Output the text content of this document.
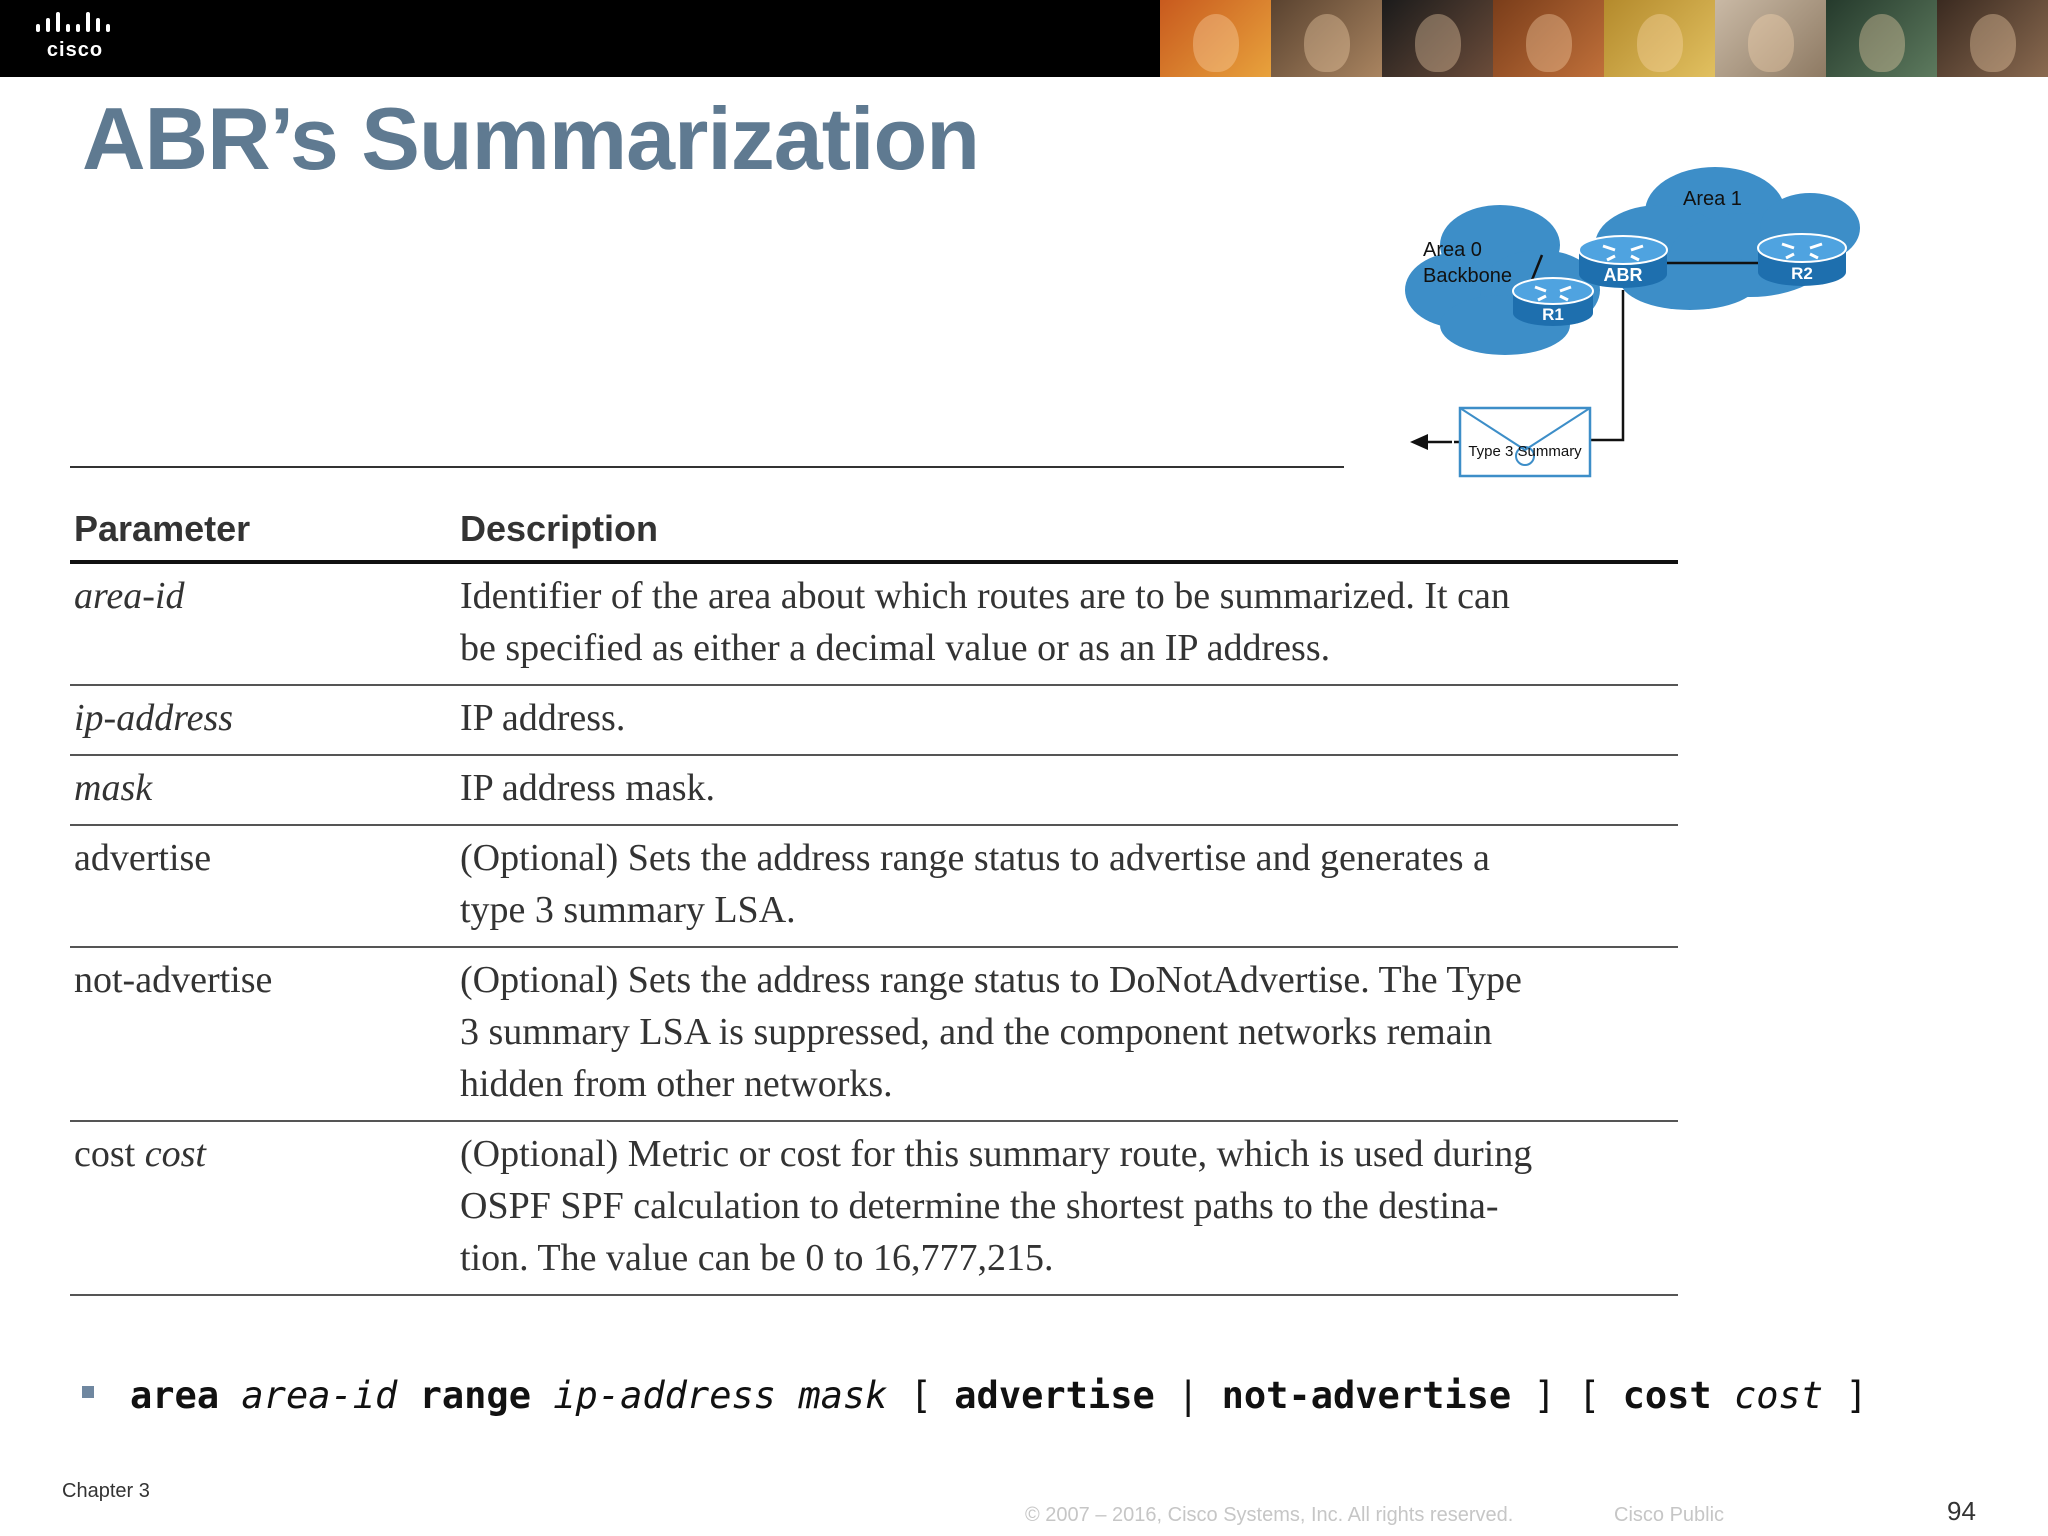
cisco
ABR’s Summarization
Area 1
Area 0
Backbone	ABR
R1
R2
Type 3 Summary
Parameter	Description
area-id	Identifier of the area about which routes are to be summarized. It can
be specified as either a decimal value or as an IP address.
ip-address	IP address.
mask	IP address mask.
advertise	(Optional) Sets the address range status to advertise and generates a
type 3 summary LSA.
not-advertise	(Optional) Sets the address range status to DoNotAdvertise. The Type
3 summary LSA is suppressed, and the component networks remain
hidden from other networks.
cost cost	(Optional) Metric or cost for this summary route, which is used during
OSPF SPF calculation to determine the shortest paths to the destina-
tion. The value can be 0 to 16,777,215.
area area-id range ip-address mask [ advertise | not-advertise ] [ cost cost ]
Chapter 3
© 2007 – 2016, Cisco Systems, Inc. All rights reserved.	Cisco Public	94
